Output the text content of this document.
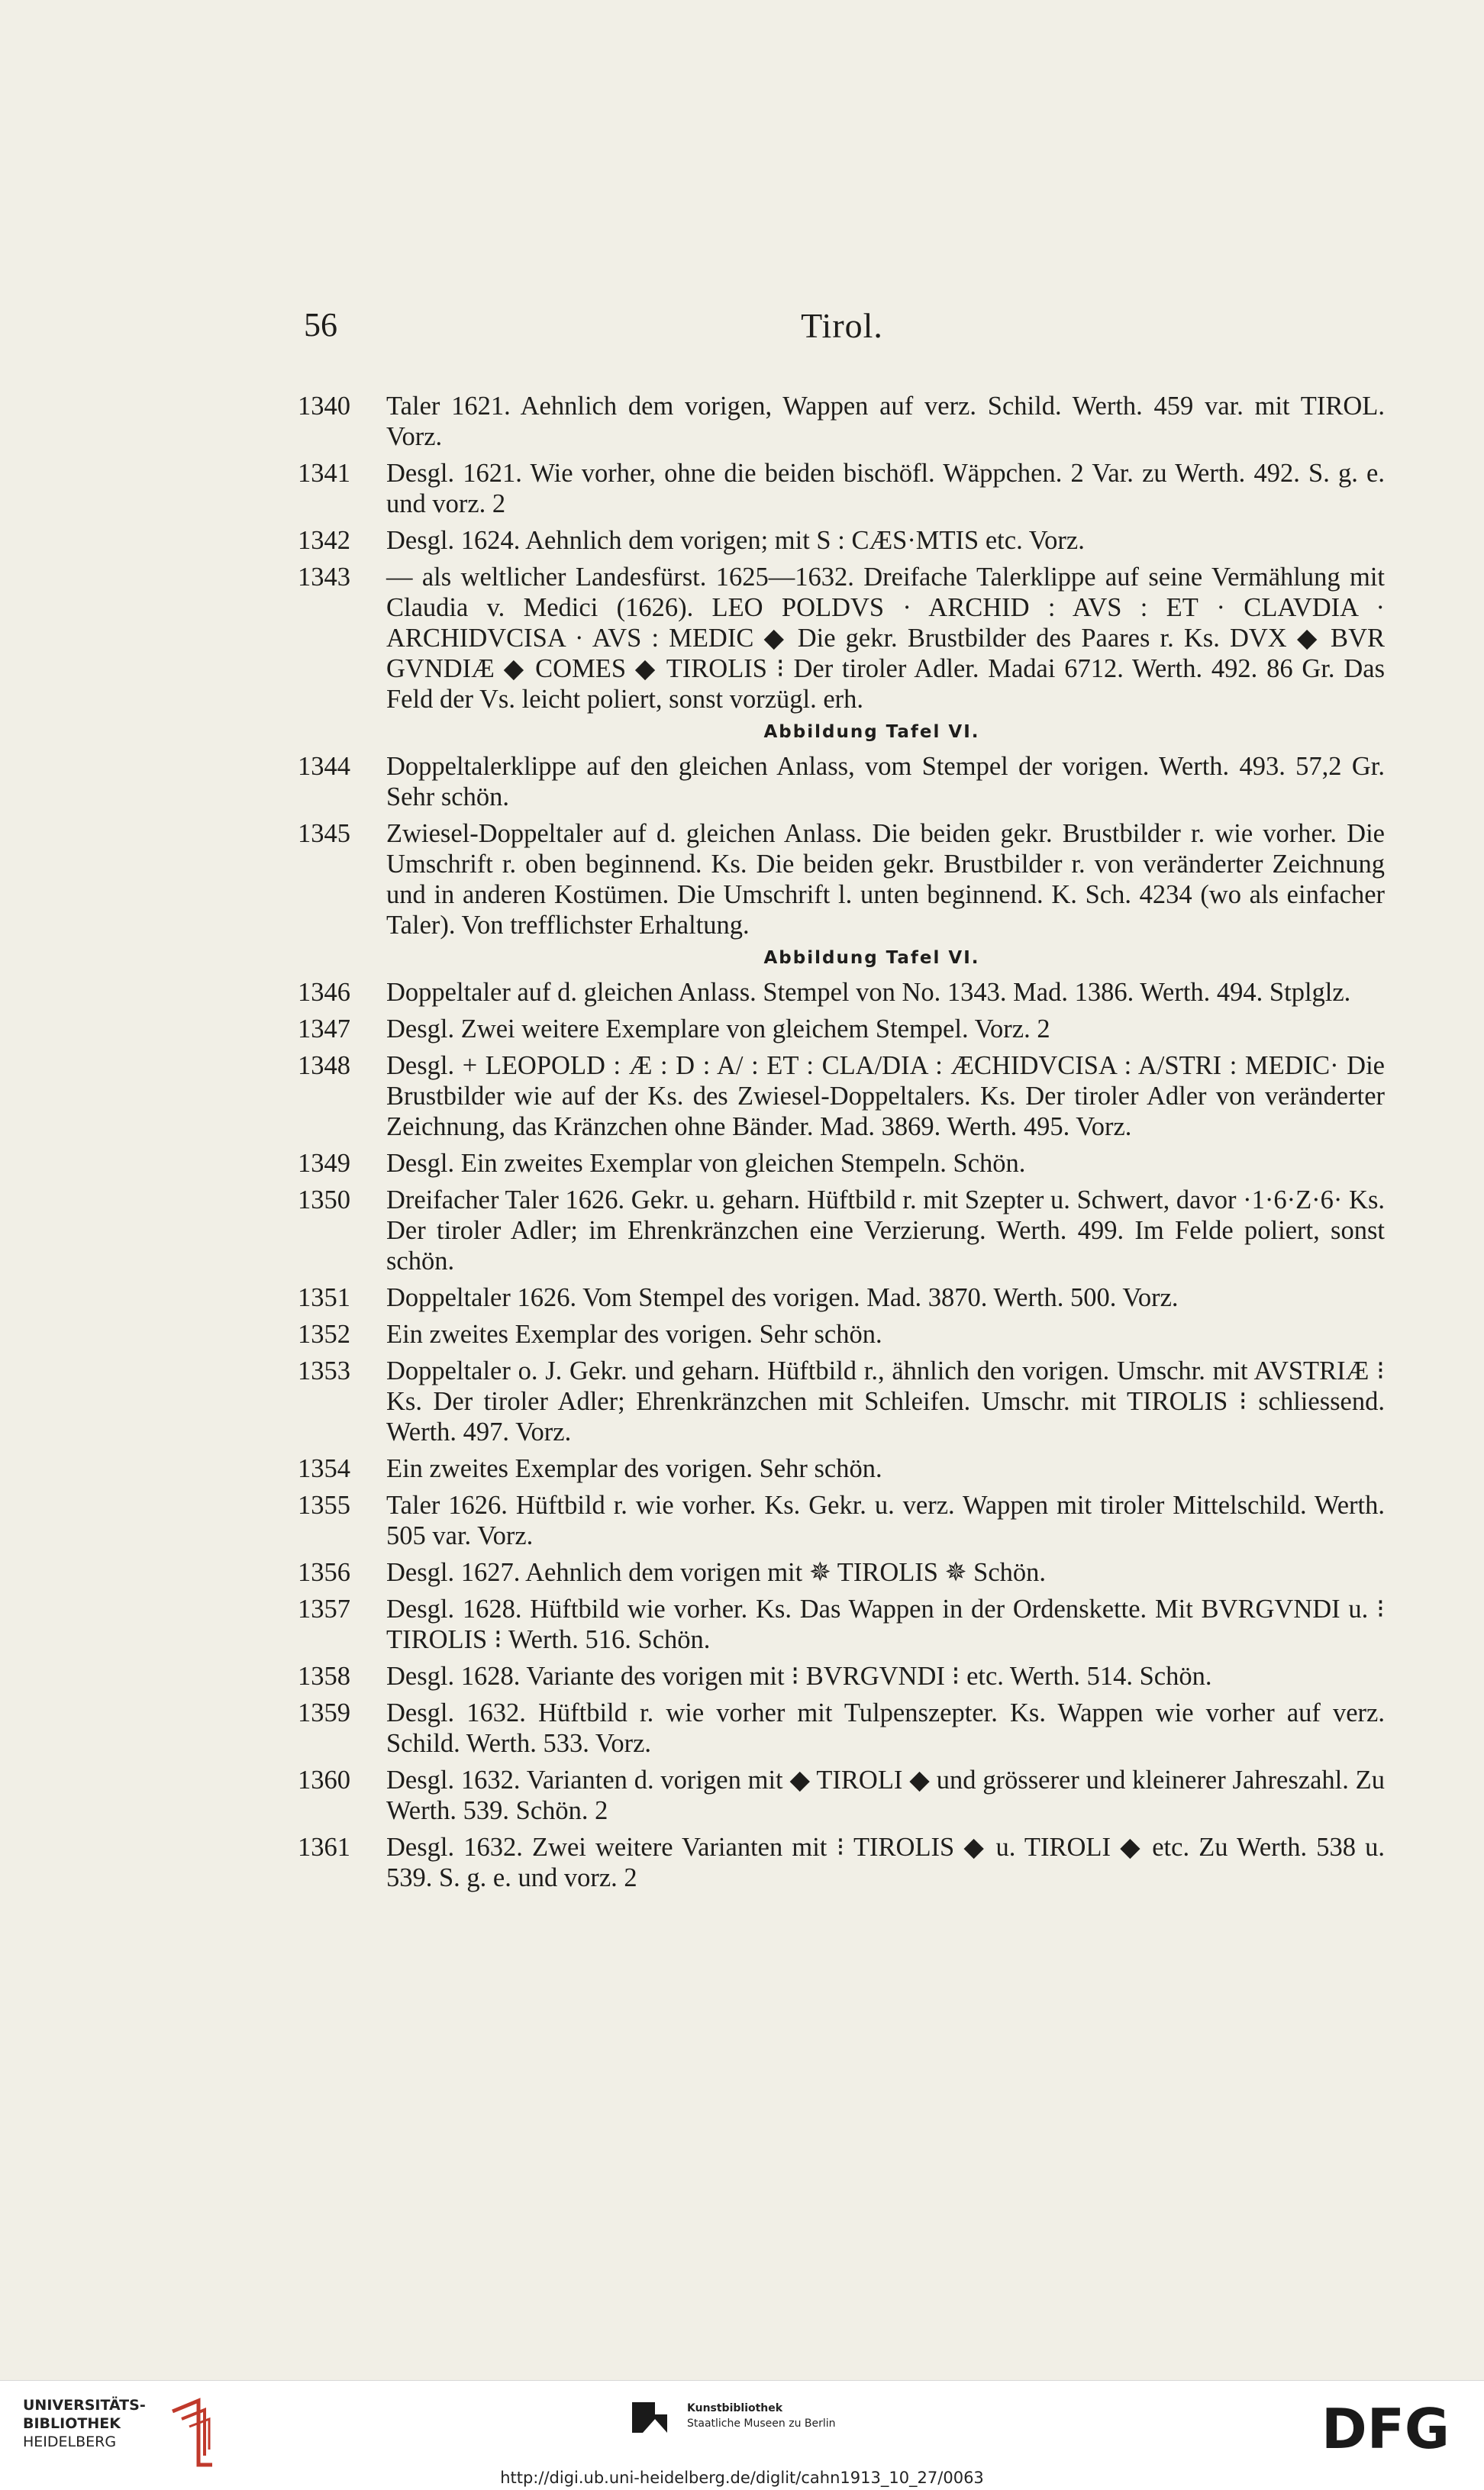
56	Tirol.
1340 Taler 1621. Aehnlich dem vorigen, Wappen auf verz. Schild. Werth. 459 var. mit TIROL. Vorz.
1341 Desgl. 1621. Wie vorher, ohne die beiden bischöfl. Wäppchen. 2 Var. zu Werth. 492. S. g. e. und vorz. 2
1342 Desgl. 1624. Aehnlich dem vorigen; mit S : CÆS·MTIS etc. Vorz.
1343 — als weltlicher Landesfürst. 1625—1632. Dreifache Talerklippe auf seine Vermählung mit Claudia v. Medici (1626). LEO POLDVS · ARCHID : AVS : ET · CLAVDIA · ARCHIDVCISA · AVS : MEDIC ◆ Die gekr. Brustbilder des Paares r. Ks. DVX ◆ BVR GVNDIÆ ◆ COMES ◆ TIROLIS ⁝ Der tiroler Adler. Madai 6712. Werth. 492. 86 Gr. Das Feld der Vs. leicht poliert, sonst vorzügl. erh.
Abbildung Tafel VI.
1344 Doppeltalerklippe auf den gleichen Anlass, vom Stempel der vorigen. Werth. 493. 57,2 Gr. Sehr schön.
1345 Zwiesel-Doppeltaler auf d. gleichen Anlass. Die beiden gekr. Brustbilder r. wie vorher. Die Umschrift r. oben beginnend. Ks. Die beiden gekr. Brustbilder r. von veränderter Zeichnung und in anderen Kostümen. Die Umschrift l. unten beginnend. K. Sch. 4234 (wo als einfacher Taler). Von trefflichster Erhaltung.
Abbildung Tafel VI.
1346 Doppeltaler auf d. gleichen Anlass. Stempel von No. 1343. Mad. 1386. Werth. 494. Stplglz.
1347 Desgl. Zwei weitere Exemplare von gleichem Stempel. Vorz. 2
1348 Desgl. + LEOPOLD : Æ : D : A/ : ET : CLA/DIA : ÆCHIDVCISA : A/STRI : MEDIC· Die Brustbilder wie auf der Ks. des Zwiesel-Doppeltalers. Ks. Der tiroler Adler von veränderter Zeichnung, das Kränzchen ohne Bänder. Mad. 3869. Werth. 495. Vorz.
1349 Desgl. Ein zweites Exemplar von gleichen Stempeln. Schön.
1350 Dreifacher Taler 1626. Gekr. u. geharn. Hüftbild r. mit Szepter u. Schwert, davor ·1·6·Z·6· Ks. Der tiroler Adler; im Ehrenkränzchen eine Verzierung. Werth. 499. Im Felde poliert, sonst schön.
1351 Doppeltaler 1626. Vom Stempel des vorigen. Mad. 3870. Werth. 500. Vorz.
1352 Ein zweites Exemplar des vorigen. Sehr schön.
1353 Doppeltaler o. J. Gekr. und geharn. Hüftbild r., ähnlich den vorigen. Umschr. mit AVSTRIÆ ⁝ Ks. Der tiroler Adler; Ehrenkränzchen mit Schleifen. Umschr. mit TIROLIS ⁝ schliessend. Werth. 497. Vorz.
1354 Ein zweites Exemplar des vorigen. Sehr schön.
1355 Taler 1626. Hüftbild r. wie vorher. Ks. Gekr. u. verz. Wappen mit tiroler Mittelschild. Werth. 505 var. Vorz.
1356 Desgl. 1627. Aehnlich dem vorigen mit ✵ TIROLIS ✵ Schön.
1357 Desgl. 1628. Hüftbild wie vorher. Ks. Das Wappen in der Ordenskette. Mit BVRGVNDI u. ⁝ TIROLIS ⁝ Werth. 516. Schön.
1358 Desgl. 1628. Variante des vorigen mit ⁝ BVRGVNDI ⁝ etc. Werth. 514. Schön.
1359 Desgl. 1632. Hüftbild r. wie vorher mit Tulpenszepter. Ks. Wappen wie vorher auf verz. Schild. Werth. 533. Vorz.
1360 Desgl. 1632. Varianten d. vorigen mit ◆ TIROLI ◆ und grösserer und kleinerer Jahreszahl. Zu Werth. 539. Schön. 2
1361 Desgl. 1632. Zwei weitere Varianten mit ⁝ TIROLIS ◆ u. TIROLI ◆ etc. Zu Werth. 538 u. 539. S. g. e. und vorz. 2
UNIVERSITÄTS-
BIBLIOTHEK
HEIDELBERG
Kunstbibliothek
Staatliche Museen zu Berlin	DFG
http://digi.ub.uni-heidelberg.de/diglit/cahn1913_10_27/0063
